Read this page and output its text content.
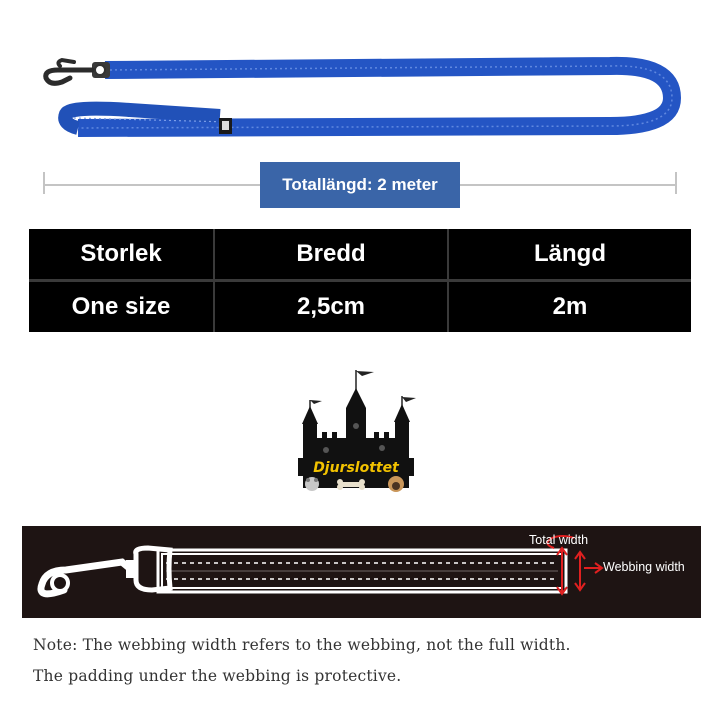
Totallängd: 2 meter
Storlek	Bredd	Längd
One size	2,5cm	2m
Djurslottet
Total width
Webbing width
Note: The webbing width refers to the webbing, not the full width.
The padding under the webbing is protective.
